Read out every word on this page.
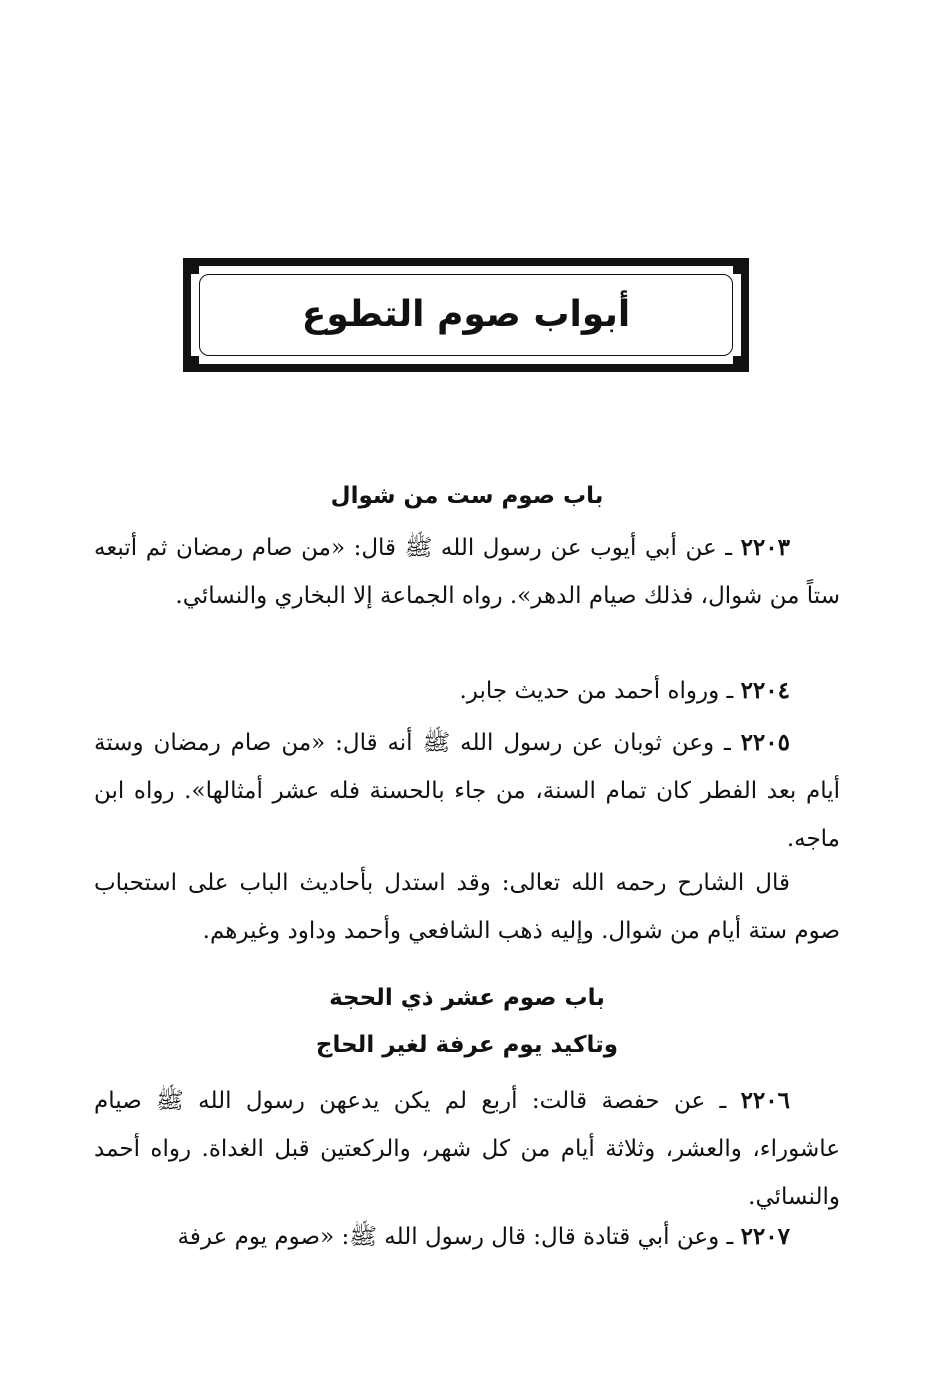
أبواب صوم التطوع
باب صوم ست من شوال
٢٢٠٣ ـ عن أبي أيوب عن رسول الله ﷺ قال: «من صام رمضان ثم أتبعه ستاً من شوال، فذلك صيام الدهر». رواه الجماعة إلا البخاري والنسائي.
٢٢٠٤ ـ ورواه أحمد من حديث جابر.
٢٢٠٥ ـ وعن ثوبان عن رسول الله ﷺ أنه قال: «من صام رمضان وستة أيام بعد الفطر كان تمام السنة، من جاء بالحسنة فله عشر أمثالها». رواه ابن ماجه.
قال الشارح رحمه الله تعالى: وقد استدل بأحاديث الباب على استحباب صوم ستة أيام من شوال. وإليه ذهب الشافعي وأحمد وداود وغيرهم.
باب صوم عشر ذي الحجة
وتاكيد يوم عرفة لغير الحاج
٢٢٠٦ ـ عن حفصة قالت: أربع لم يكن يدعهن رسول الله ﷺ صيام عاشوراء، والعشر، وثلاثة أيام من كل شهر، والركعتين قبل الغداة. رواه أحمد والنسائي.
٢٢٠٧ ـ وعن أبي قتادة قال: قال رسول الله ﷺ: «صوم يوم عرفة
